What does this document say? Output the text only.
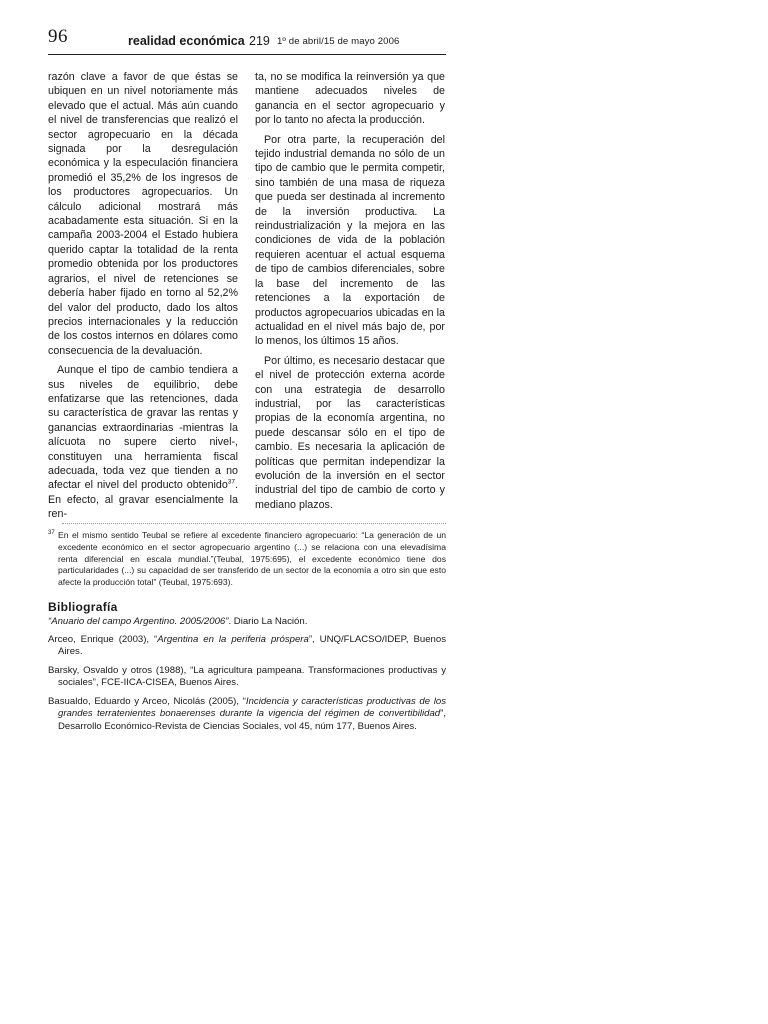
96	realidad económica 219 1º de abril/15 de mayo 2006

razón clave a favor de que éstas se ubiquen en un nivel notoriamente más elevado que el actual. Más aún cuando el nivel de transferencias que realizó el sector agropecuario en la década signada por la desregulación económica y la especulación financiera promedió el 35,2% de los ingresos de los productores agropecuarios. Un cálculo adicional mostrará más acabadamente esta situación. Si en la campaña 2003-2004 el Estado hubiera querido captar la totalidad de la renta promedio obtenida por los productores agrarios, el nivel de retenciones se debería haber fijado en torno al 52,2% del valor del producto, dado los altos precios internacionales y la reducción de los costos internos en dólares como consecuencia de la devaluación.

Aunque el tipo de cambio tendiera a sus niveles de equilibrio, debe enfatizarse que las retenciones, dada su característica de gravar las rentas y ganancias extraordinarias -mientras la alícuota no supere cierto nivel-, constituyen una herramienta fiscal adecuada, toda vez que tienden a no afectar el nivel del producto obtenido$^{37}$. En efecto, al gravar esencialmente la ren-

ta, no se modifica la reinversión ya que mantiene adecuados niveles de ganancia en el sector agropecuario y por lo tanto no afecta la producción.

Por otra parte, la recuperación del tejido industrial demanda no sólo de un tipo de cambio que le permita competir, sino también de una masa de riqueza que pueda ser destinada al incremento de la inversión productiva. La reindustrialización y la mejora en las condiciones de vida de la población requieren acentuar el actual esquema de tipo de cambios diferenciales, sobre la base del incremento de las retenciones a la exportación de productos agropecuarios ubicadas en la actualidad en el nivel más bajo de, por lo menos, los últimos 15 años.

Por último, es necesario destacar que el nivel de protección externa acorde con una estrategia de desarrollo industrial, por las características propias de la economía argentina, no puede descansar sólo en el tipo de cambio. Es necesaria la aplicación de políticas que permitan independizar la evolución de la inversión en el sector industrial del tipo de cambio de corto y mediano plazos.

37 En el mismo sentido Teubal se refiere al excedente financiero agropecuario: “La generación de un excedente económico en el sector agropecuario argentino (...) se relaciona con una elevadísima renta diferencial en escala mundial.”(Teubal, 1975:695), el excedente económico tiene dos particularidades (...) su capacidad de ser transferido de un sector de la economía a otro sin que esto afecte la producción total” (Teubal, 1975:693).
Bibliografía

“Anuario del campo Argentino. 2005/2006”. Diario La Nación.

Arceo, Enrique (2003), “Argentina en la periferia próspera”, UNQ/FLACSO/IDEP, Buenos Aires.

Barsky, Osvaldo y otros (1988), “La agricultura pampeana. Transformaciones productivas y sociales”, FCE-IICA-CISEA, Buenos Aires.

Basualdo, Eduardo y Arceo, Nicolás (2005), “Incidencia y características productivas de los grandes terratenientes bonaerenses durante la vigencia del régimen de convertibilidad”, Desarrollo Económico-Revista de Ciencias Sociales, vol 45, núm 177, Buenos Aires.
